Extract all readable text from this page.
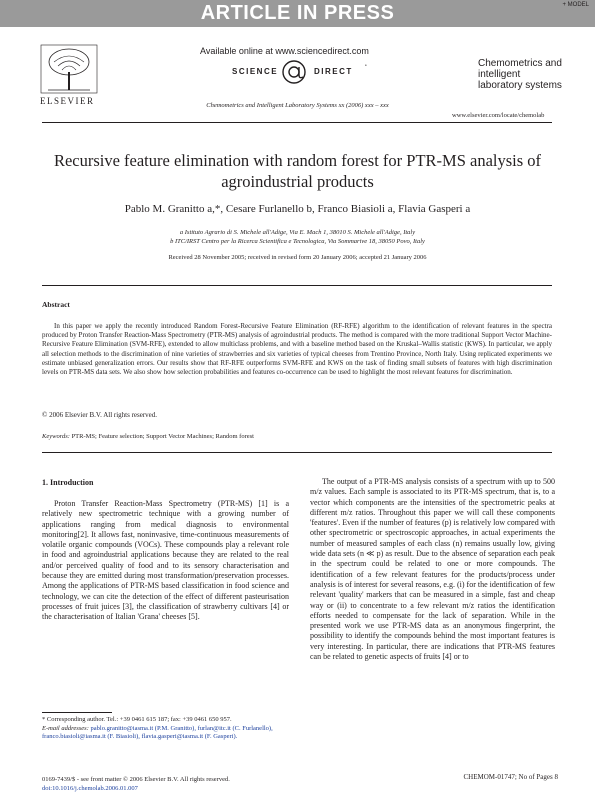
ARTICLE IN PRESS	+ MODEL
ELSEVIER
Available online at www.sciencedirect.com
SCIENCE	DIRECT
•
Chemometrics and Intelligent Laboratory Systems xx (2006) xxx – xxx
Chemometrics and
intelligent
laboratory systems
www.elsevier.com/locate/chemolab
Recursive feature elimination with random forest for PTR-MS analysis of agroindustrial products
Pablo M. Granitto a,*, Cesare Furlanello b, Franco Biasioli a, Flavia Gasperi a
a Istituto Agrario di S. Michele all'Adige, Via E. Mach 1, 38010 S. Michele all'Adige, Italy
b ITC/IRST Centro per la Ricerca Scientifica e Tecnologica, Via Sommarive 18, 38050 Povo, Italy
Received 28 November 2005; received in revised form 20 January 2006; accepted 21 January 2006
Abstract
In this paper we apply the recently introduced Random Forest-Recursive Feature Elimination (RF-RFE) algorithm to the identification of relevant features in the spectra produced by Proton Transfer Reaction-Mass Spectrometry (PTR-MS) analysis of agroindustrial products. The method is compared with the more traditional Support Vector Machine-Recursive Feature Elimination (SVM-RFE), extended to allow multiclass problems, and with a baseline method based on the Kruskal–Wallis statistic (KWS). In particular, we apply all selection methods to the discrimination of nine varieties of strawberries and six varieties of typical cheeses from Trentino Province, North Italy. Using replicated experiments we estimate unbiased generalization errors. Our results show that RF-RFE outperforms SVM-RFE and KWS on the task of finding small subsets of features with high discrimination levels on PTR-MS data sets. We also show how selection probabilities and features co-occurrence can be used to highlight the most relevant features for discrimination.
© 2006 Elsevier B.V. All rights reserved.
Keywords: PTR-MS; Feature selection; Support Vector Machines; Random forest
1. Introduction
Proton Transfer Reaction-Mass Spectrometry (PTR-MS) [1] is a relatively new spectrometric technique with a growing number of applications ranging from medical diagnosis to environmental monitoring[2]. It allows fast, noninvasive, time-continuous measurements of volatile organic compounds (VOCs). These compounds play a relevant role in food and agroindustrial applications because they are related to the real and/or perceived quality of food and to its sensory characterisation and because they are emitted during most transformation/preservation processes. Among the applications of PTR-MS based classification in food science and technology, we can cite the detection of the effect of different pasteurisation processes of fruit juices [3], the classification of strawberry cultivars [4] or the characterisation of Italian 'Grana' cheeses [5].
The output of a PTR-MS analysis consists of a spectrum with up to 500 m/z values. Each sample is associated to its PTR-MS spectrum, that is, to a vector which components are the intensities of the spectrometric peaks at different m/z ratios. Throughout this paper we will call these components 'features'. Even if the number of features (p) is relatively low compared with other spectrometric or spectroscopic approaches, in actual experiments the number of measured samples of each class (n) remains usually low, giving wide data sets (n ≪ p) as result. Due to the absence of separation each peak in the spectrum could be related to one or more compounds. The identification of a few relevant features for the products/process under analysis is of interest for several reasons, e.g. (i) for the identification of few relevant 'quality' markers that can be measured in a simple, fast and cheap way or (ii) to concentrate to a few relevant m/z ratios the identification efforts needed to compensate for the lack of separation. While in the presented work we use PTR-MS data as an anonymous fingerprint, the possibility to identify the compounds behind the most important features is very interesting. In particular, there are indications that PTR-MS features can be related to genetic aspects of fruits [4] or to
* Corresponding author. Tel.: +39 0461 615 187; fax: +39 0461 650 957.
E-mail addresses: pablo.granitto@iasma.it (P.M. Granitto), furlan@itc.it (C. Furlanello), franco.biasioli@iasma.it (F. Biasioli), flavia.gasperi@iasma.it (F. Gasperi).
0169-7439/$ - see front matter © 2006 Elsevier B.V. All rights reserved.
doi:10.1016/j.chemolab.2006.01.007
CHEMOM-01747; No of Pages 8
